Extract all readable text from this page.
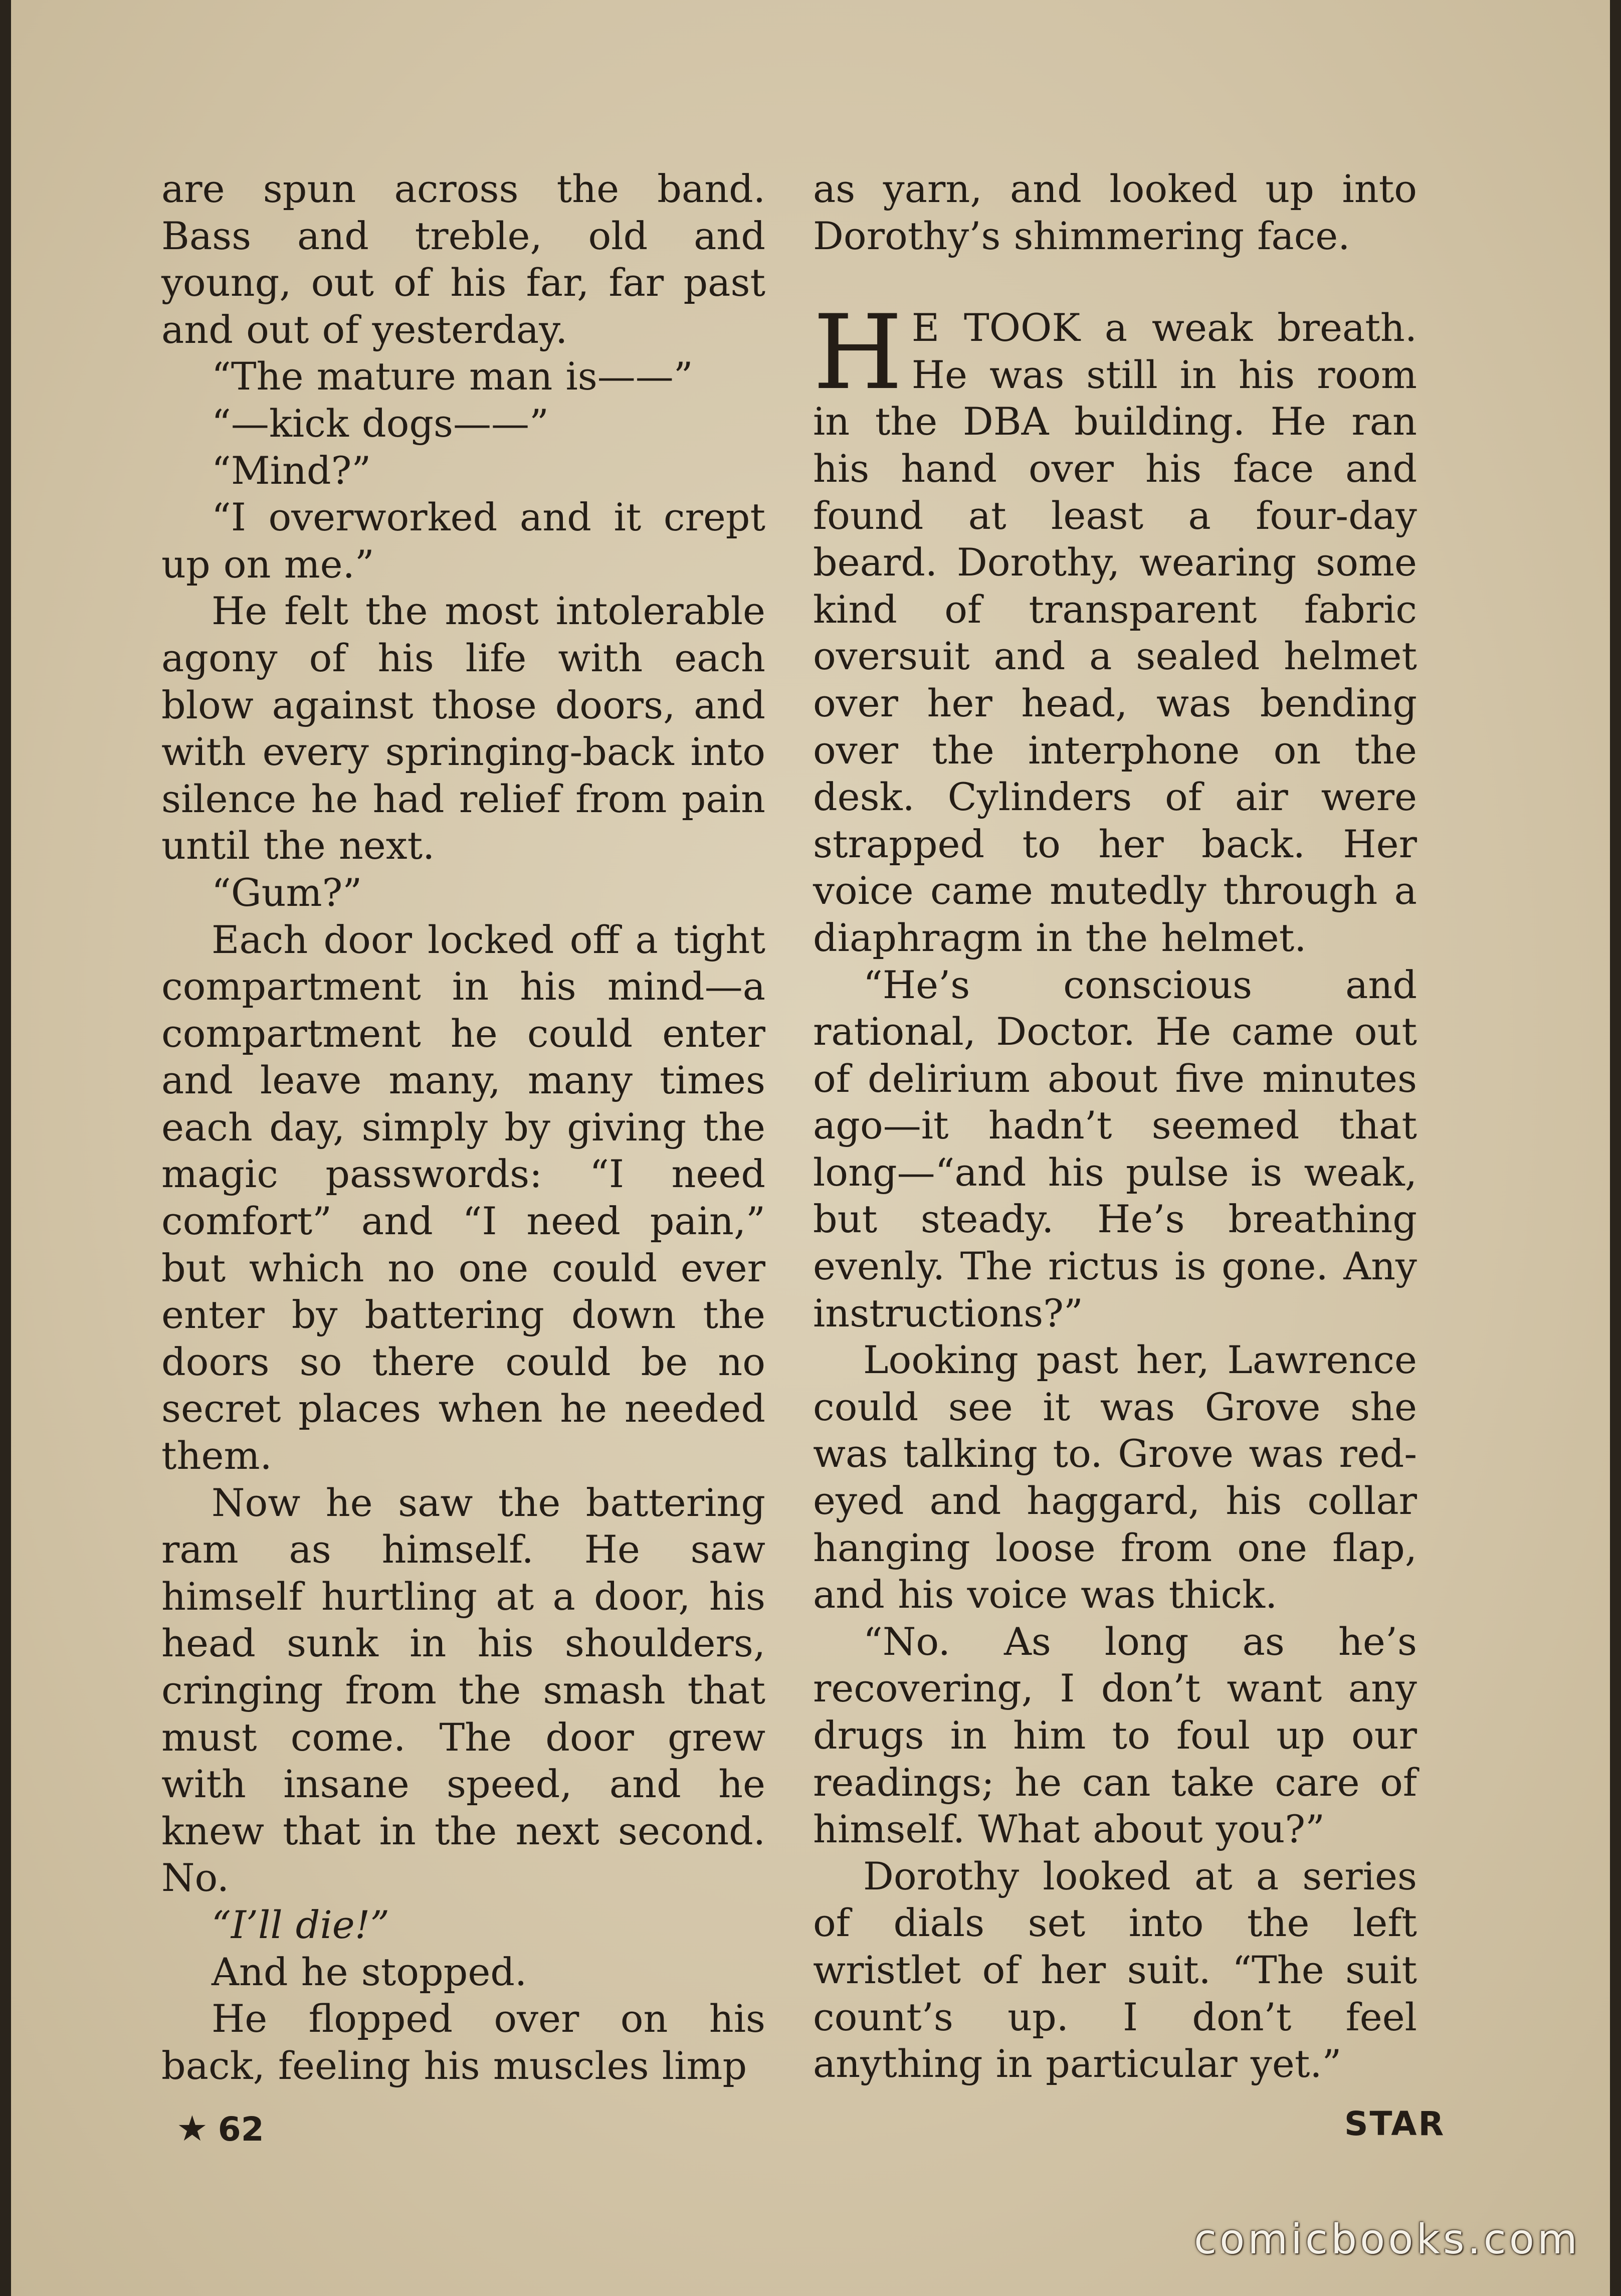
are spun across the band. Bass and treble, old and young, out of his far, far past and out of yesterday.

“The mature man is——”

“—kick dogs——”

“Mind?”

“I overworked and it crept up on me.”

He felt the most intolerable agony of his life with each blow against those doors, and with every springing-back into silence he had relief from pain until the next.

“Gum?”

Each door locked off a tight compartment in his mind—a compartment he could enter and leave many, many times each day, simply by giving the magic passwords: “I need comfort” and “I need pain,” but which no one could ever enter by battering down the doors so there could be no secret places when he needed them.

Now he saw the battering ram as himself. He saw himself hurtling at a door, his head sunk in his shoulders, cringing from the smash that must come. The door grew with insane speed, and he knew that in the next second. No.

“I’ll die!”

And he stopped.

He flopped over on his back, feeling his muscles limp

as yarn, and looked up into Dorothy’s shimmering face.

H E TOOK a weak breath. He was still in his room in the DBA building. He ran his hand over his face and found at least a four-day beard. Dorothy, wearing some kind of transparent fabric oversuit and a sealed helmet over her head, was bending over the interphone on the desk. Cylinders of air were strapped to her back. Her voice came mutedly through a diaphragm in the helmet.

“He’s conscious and rational, Doctor. He came out of delirium about five minutes ago—it hadn’t seemed that long—“and his pulse is weak, but steady. He’s breathing evenly. The rictus is gone. Any instructions?”

Looking past her, Lawrence could see it was Grove she was talking to. Grove was red-eyed and haggard, his collar hanging loose from one flap, and his voice was thick.

“No. As long as he’s recovering, I don’t want any drugs in him to foul up our readings; he can take care of himself. What about you?”

Dorothy looked at a series of dials set into the left wristlet of her suit. “The suit count’s up. I don’t feel anything in particular yet.”

★ 62	STAR
comicbooks.com
